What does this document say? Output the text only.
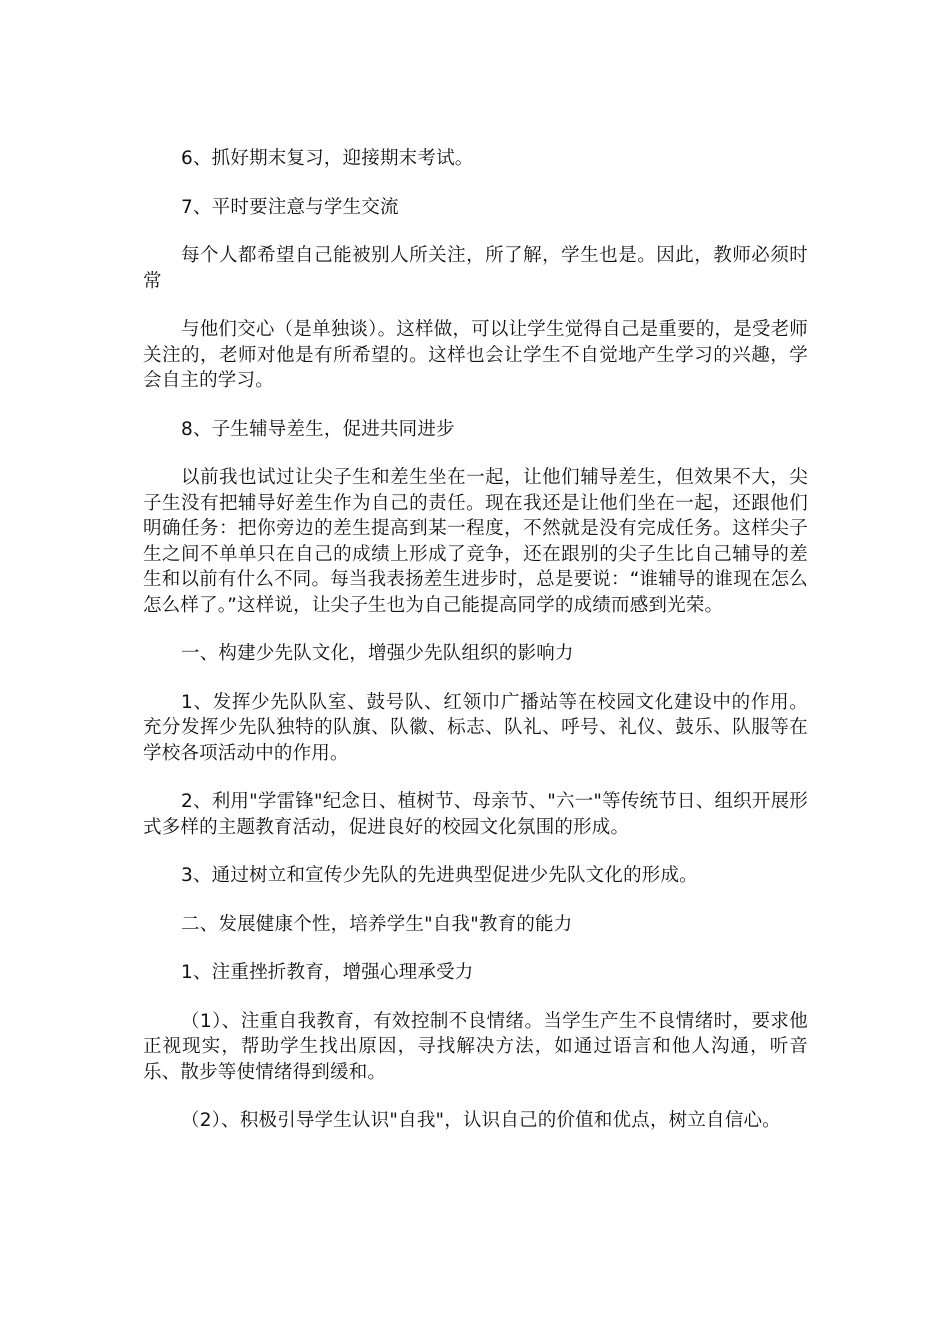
6、抓好期末复习，迎接期末考试。

7、平时要注意与学生交流

每个人都希望自己能被别人所关注，所了解，学生也是。因此，教师必须时常

与他们交心（是单独谈）。这样做，可以让学生觉得自己是重要的，是受老师关注的，老师对他是有所希望的。这样也会让学生不自觉地产生学习的兴趣，学会自主的学习。

8、子生辅导差生，促进共同进步

以前我也试过让尖子生和差生坐在一起，让他们辅导差生，但效果不大，尖子生没有把辅导好差生作为自己的责任。现在我还是让他们坐在一起，还跟他们明确任务：把你旁边的差生提高到某一程度，不然就是没有完成任务。这样尖子生之间不单单只在自己的成绩上形成了竞争，还在跟别的尖子生比自己辅导的差生和以前有什么不同。每当我表扬差生进步时，总是要说：“谁辅导的谁现在怎么怎么样了。”这样说，让尖子生也为自己能提高同学的成绩而感到光荣。

一、构建少先队文化，增强少先队组织的影响力

1、发挥少先队队室、鼓号队、红领巾广播站等在校园文化建设中的作用。充分发挥少先队独特的队旗、队徽、标志、队礼、呼号、礼仪、鼓乐、队服等在学校各项活动中的作用。

2、利用"学雷锋"纪念日、植树节、母亲节、"六一"等传统节日、组织开展形式多样的主题教育活动，促进良好的校园文化氛围的形成。

3、通过树立和宣传少先队的先进典型促进少先队文化的形成。

二、发展健康个性，培养学生"自我"教育的能力

1、注重挫折教育，增强心理承受力

（1）、注重自我教育，有效控制不良情绪。当学生产生不良情绪时，要求他正视现实，帮助学生找出原因，寻找解决方法，如通过语言和他人沟通，听音乐、散步等使情绪得到缓和。

（2）、积极引导学生认识"自我"，认识自己的价值和优点，树立自信心。
